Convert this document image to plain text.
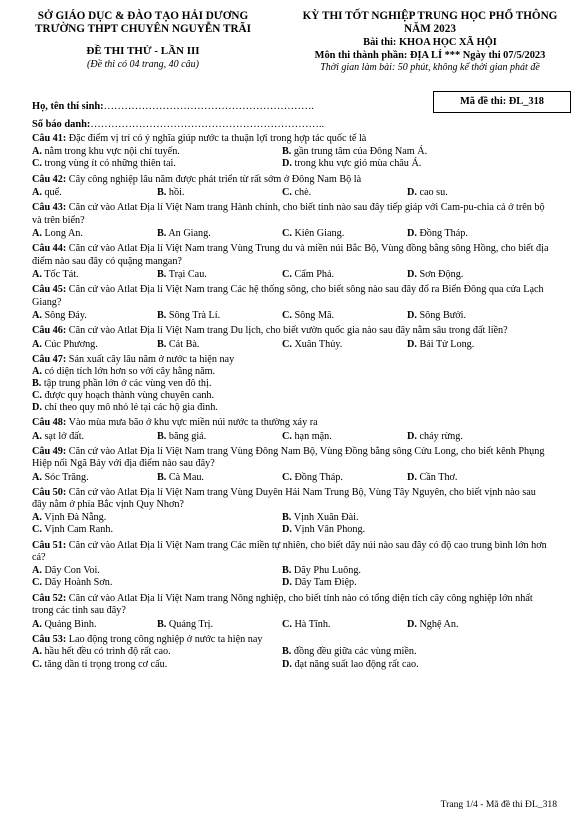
SỞ GIÁO DỤC & ĐÀO TẠO HẢI DƯƠNG
TRƯỜNG THPT CHUYÊN NGUYỄN TRÃI
ĐỀ THI THỬ - LẦN III
(Đề thi có 04 trang, 40 câu)
KỲ THI TỐT NGHIỆP TRUNG HỌC PHỔ THÔNG
NĂM 2023
Bài thi: KHOA HỌC XÃ HỘI
Môn thi thành phần: ĐỊA LÍ *** Ngày thi 07/5/2023
Thời gian làm bài: 50 phút, không kể thời gian phát đề
Mã đề thi: ĐL_318
Họ, tên thí sinh:…………………………………………………….
Số báo danh:…………………………………………………………..
Câu 41: Đặc điểm vị trí có ý nghĩa giúp nước ta thuận lợi trong hợp tác quốc tế là
A. nằm trong khu vực nội chí tuyến.	B. gần trung tâm của Đông Nam Á.
C. trong vùng ít có những thiên tai.	D. trong khu vực gió mùa châu Á.
Câu 42: Cây công nghiệp lâu năm được phát triển từ rất sớm ở Đông Nam Bộ là
A. quế.	B. hồi.	C. chè.	D. cao su.
Câu 43: Căn cứ vào Atlat Địa lí Việt Nam trang Hành chính, cho biết tỉnh nào sau đây tiếp giáp với Cam-pu-chia cả ở trên bộ và trên biển?
A. Long An.	B. An Giang.	C. Kiên Giang.	D. Đồng Tháp.
Câu 44: Căn cứ vào Atlat Địa lí Việt Nam trang Vùng Trung du và miền núi Bắc Bộ, Vùng đồng bằng sông Hồng, cho biết địa điểm nào sau đây có quặng mangan?
A. Tốc Tát.	B. Trại Cau.	C. Cẩm Phả.	D. Sơn Động.
Câu 45: Căn cứ vào Atlat Địa lí Việt Nam trang Các hệ thống sông, cho biết sông nào sau đây đổ ra Biển Đông qua cửa Lạch Giang?
A. Sông Đáy.	B. Sông Trà Lí.	C. Sông Mã.	D. Sông Bưởi.
Câu 46: Căn cứ vào Atlat Địa lí Việt Nam trang Du lịch, cho biết vườn quốc gia nào sau đây nằm sâu trong đất liền?
A. Cúc Phương.	B. Cát Bà.	C. Xuân Thủy.	D. Bái Tử Long.
Câu 47: Sản xuất cây lâu năm ở nước ta hiện nay
A. có diện tích lớn hơn so với cây hằng năm.
B. tập trung phần lớn ở các vùng ven đô thị.
C. được quy hoạch thành vùng chuyên canh.
D. chỉ theo quy mô nhỏ lẻ tại các hộ gia đình.
Câu 48: Vào mùa mưa bão ở khu vực miền núi nước ta thường xảy ra
A. sạt lở đất.	B. băng giá.	C. hạn mặn.	D. cháy rừng.
Câu 49: Căn cứ vào Atlat Địa lí Việt Nam trang Vùng Đông Nam Bộ, Vùng Đồng bằng sông Cửu Long, cho biết kênh Phụng Hiệp nối Ngã Bảy với địa điểm nào sau đây?
A. Sóc Trăng.	B. Cà Mau.	C. Đồng Tháp.	D. Cần Thơ.
Câu 50: Căn cứ vào Atlat Địa lí Việt Nam trang Vùng Duyên Hải Nam Trung Bộ, Vùng Tây Nguyên, cho biết vịnh nào sau đây nằm ở phía Bắc vịnh Quy Nhơn?
A. Vịnh Đà Nẵng.	B. Vịnh Xuân Đài.
C. Vịnh Cam Ranh.	D. Vịnh Vân Phong.
Câu 51: Căn cứ vào Atlat Địa lí Việt Nam trang Các miền tự nhiên, cho biết dãy núi nào sau đây có độ cao trung bình lớn hơn cả?
A. Dãy Con Voi.	B. Dãy Phu Luông.
C. Dãy Hoành Sơn.	D. Dãy Tam Điệp.
Câu 52: Căn cứ vào Atlat Địa lí Việt Nam trang Nông nghiệp, cho biết tỉnh nào có tổng diện tích cây công nghiệp lớn nhất trong các tỉnh sau đây?
A. Quảng Bình.	B. Quảng Trị.	C. Hà Tĩnh.	D. Nghệ An.
Câu 53: Lao động trong công nghiệp ở nước ta hiện nay
A. hầu hết đều có trình độ rất cao.	B. đồng đều giữa các vùng miền.
C. tăng dần tỉ trọng trong cơ cấu.	D. đạt năng suất lao động rất cao.
Trang 1/4 - Mã đề thi ĐL_318
